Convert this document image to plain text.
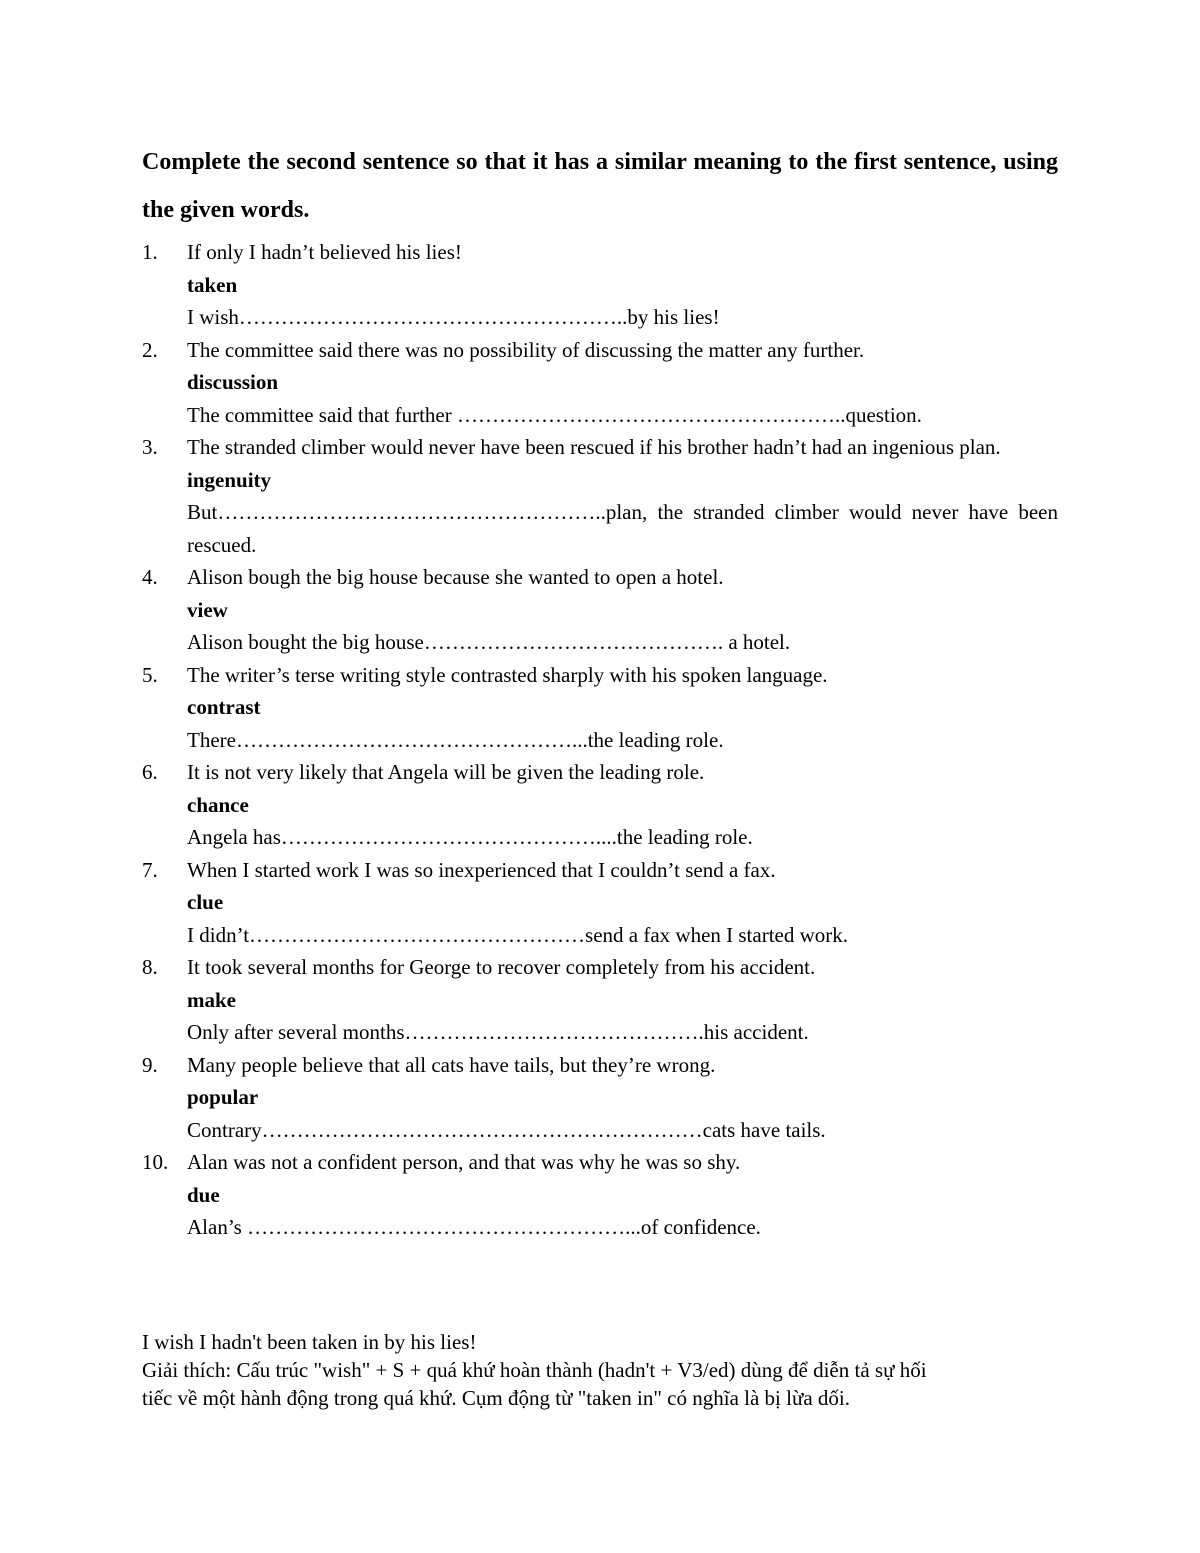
Complete the second sentence so that it has a similar meaning to the first sentence, using the given words.

1. If only I hadn’t believed his lies!
taken
I wish………………………………………………..by his lies!
2. The committee said there was no possibility of discussing the matter any further.
discussion
The committee said that further ………………………………………………..question.
3. The stranded climber would never have been rescued if his brother hadn’t had an ingenious plan.
ingenuity
But………………………………………………..plan, the stranded climber would never have been rescued.
4. Alison bough the big house because she wanted to open a hotel.
view
Alison bought the big house……………………………………. a hotel.
5. The writer’s terse writing style contrasted sharply with his spoken language.
contrast
There…………………………………………...the leading role.
6. It is not very likely that Angela will be given the leading role.
chance
Angela has………………………………………....the leading role.
7. When I started work I was so inexperienced that I couldn’t send a fax.
clue
I didn’t…………………………………………send a fax when I started work.
8. It took several months for George to recover completely from his accident.
make
Only after several months…………………………………….his accident.
9. Many people believe that all cats have tails, but they’re wrong.
popular
Contrary………………………………………………………cats have tails.
10. Alan was not a confident person, and that was why he was so shy.
due
Alan’s ………………………………………………...of confidence.
I wish I hadn't been taken in by his lies!
Giải thích: Cấu trúc "wish" + S + quá khứ hoàn thành (hadn't + V3/ed) dùng để diễn tả sự hối
tiếc về một hành động trong quá khứ. Cụm động từ "taken in" có nghĩa là bị lừa dối.
